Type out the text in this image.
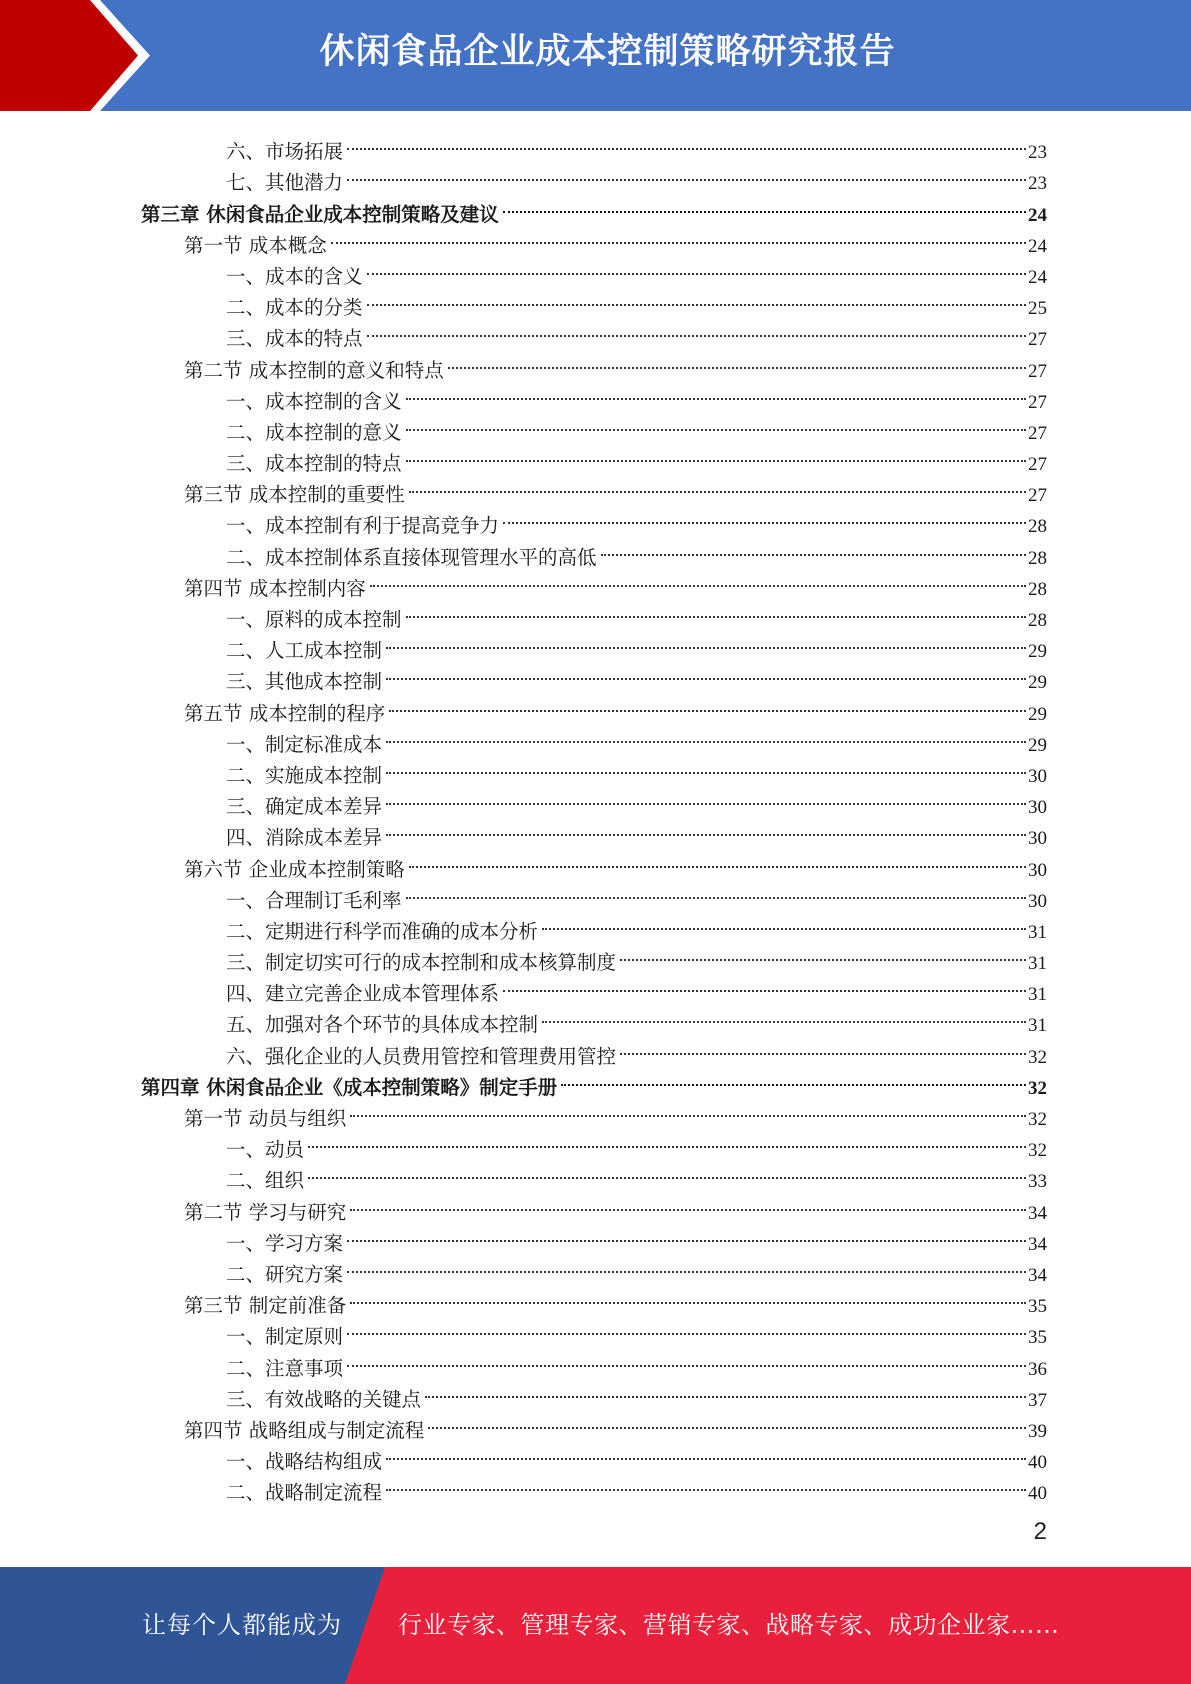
休闲食品企业成本控制策略研究报告
六、市场拓展	23
七、其他潜力	23
第三章 休闲食品企业成本控制策略及建议	24
第一节 成本概念	24
一、成本的含义	24
二、成本的分类	25
三、成本的特点	27
第二节 成本控制的意义和特点	27
一、成本控制的含义	27
二、成本控制的意义	27
三、成本控制的特点	27
第三节 成本控制的重要性	27
一、成本控制有利于提高竞争力	28
二、成本控制体系直接体现管理水平的高低	28
第四节 成本控制内容	28
一、原料的成本控制	28
二、人工成本控制	29
三、其他成本控制	29
第五节 成本控制的程序	29
一、制定标准成本	29
二、实施成本控制	30
三、确定成本差异	30
四、消除成本差异	30
第六节 企业成本控制策略	30
一、合理制订毛利率	30
二、定期进行科学而准确的成本分析	31
三、制定切实可行的成本控制和成本核算制度	31
四、建立完善企业成本管理体系	31
五、加强对各个环节的具体成本控制	31
六、强化企业的人员费用管控和管理费用管控	32
第四章 休闲食品企业《成本控制策略》制定手册	32
第一节 动员与组织	32
一、动员	32
二、组织	33
第二节 学习与研究	34
一、学习方案	34
二、研究方案	34
第三节 制定前准备	35
一、制定原则	35
二、注意事项	36
三、有效战略的关键点	37
第四节 战略组成与制定流程	39
一、战略结构组成	40
二、战略制定流程	40
2
让每个人都能成为 行业专家、管理专家、营销专家、战略专家、成功企业家……
